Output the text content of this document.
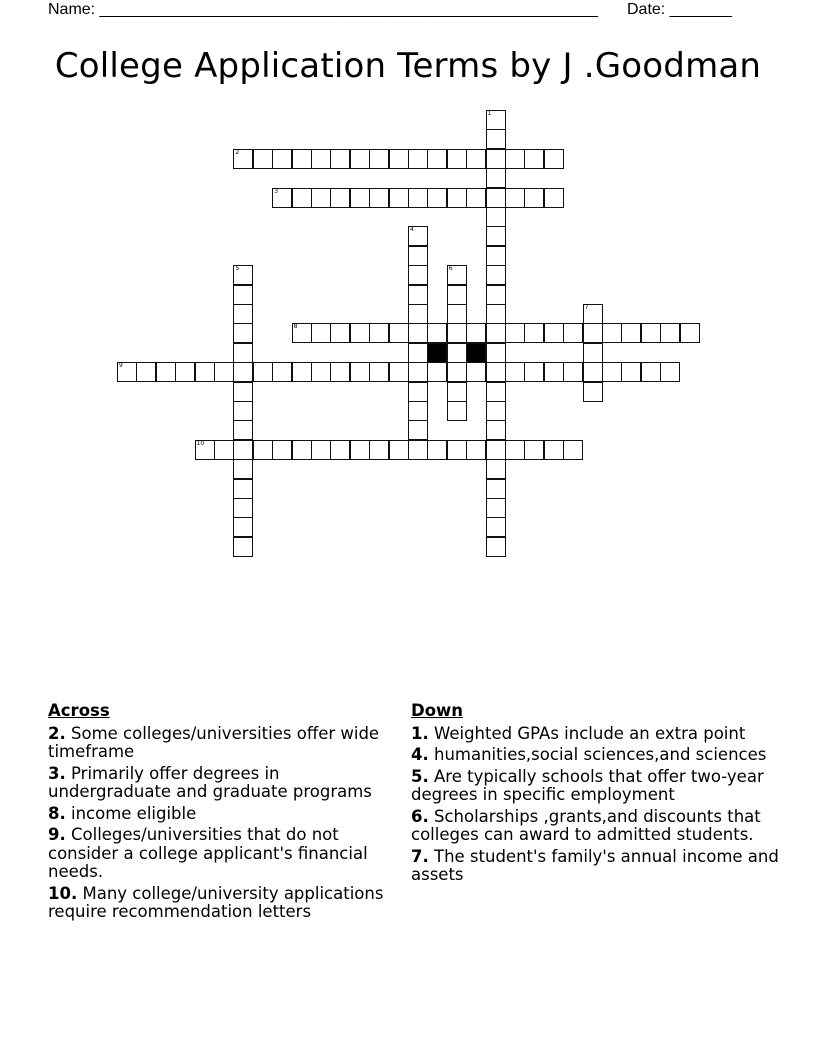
Name: ________________________________________________________ Date: _______
College Application Terms by J .Goodman
1
2
3
4
5	6
7
8
9
10
Across
2. Some colleges/universities offer wide timeframe
3. Primarily offer degrees in undergraduate and graduate programs
8. income eligible
9. Colleges/universities that do not consider a college applicant's financial needs.
10. Many college/university applications require recommendation letters
Down
1. Weighted GPAs include an extra point
4. humanities,social sciences,and sciences
5. Are typically schools that offer two-year degrees in specific employment
6. Scholarships ,grants,and discounts that colleges can award to admitted students.
7. The student's family's annual income and assets
